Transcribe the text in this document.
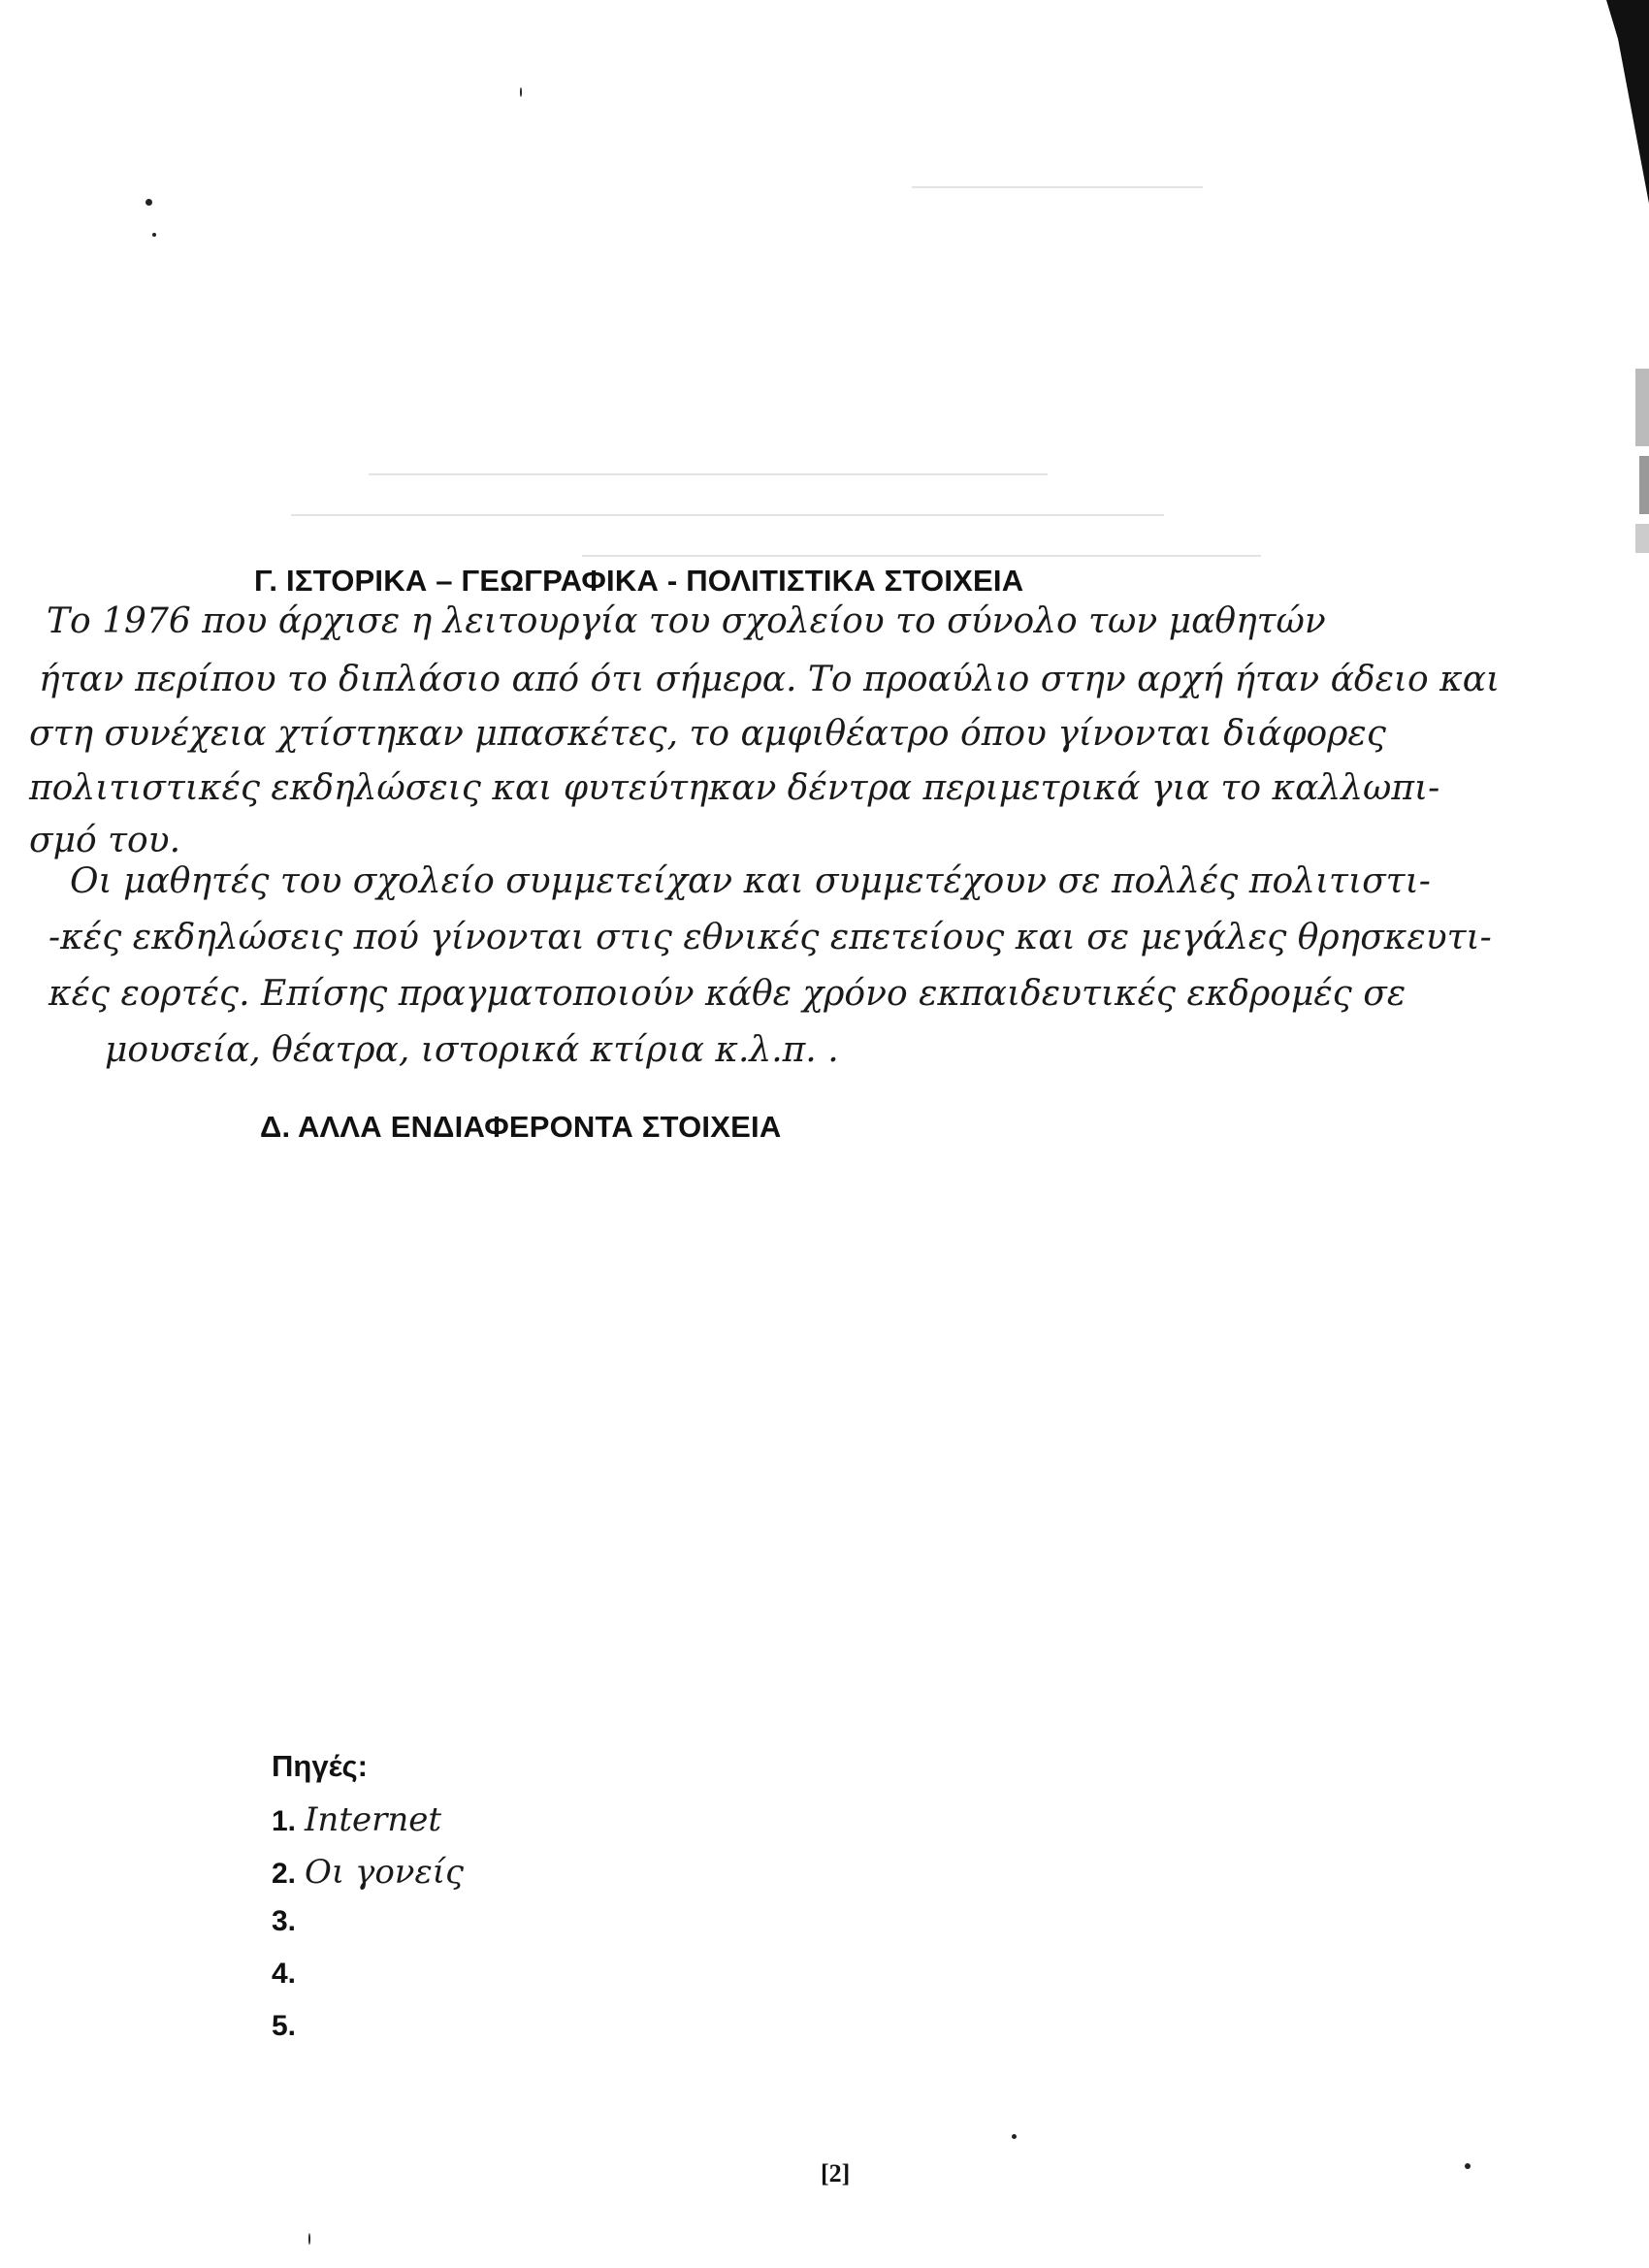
Γ. ΙΣΤΟΡΙΚΑ – ΓΕΩΓΡΑΦΙΚΑ - ΠΟΛΙΤΙΣΤΙΚΑ ΣΤΟΙΧΕΙΑ
Το 1976 που άρχισε η λειτουργία του σχολείου το σύνολο των μαθητών
ήταν περίπου το διπλάσιο από ότι σήμερα. Το προαύλιο στην αρχή ήταν άδειο και
στη συνέχεια χτίστηκαν μπασκέτες, το αμφιθέατρο όπου γίνονται διάφορες
πολιτιστικές εκδηλώσεις και φυτεύτηκαν δέντρα περιμετρικά για το καλλωπι-
σμό του.
Οι μαθητές του σχολείο συμμετείχαν και συμμετέχουν σε πολλές πολιτιστι-
-κές εκδηλώσεις πού γίνονται στις εθνικές επετείους και σε μεγάλες θρησκευτι-
κές εορτές. Επίσης πραγματοποιούν κάθε χρόνο εκπαιδευτικές εκδρομές σε
μουσεία, θέατρα, ιστορικά κτίρια κ.λ.π. .
Δ. ΑΛΛΑ ΕΝΔΙΑΦΕΡΟΝΤΑ ΣΤΟΙΧΕΙΑ
Πηγές:
1. Internet
2. Οι γονείς
3.
4.
5.
[2]
